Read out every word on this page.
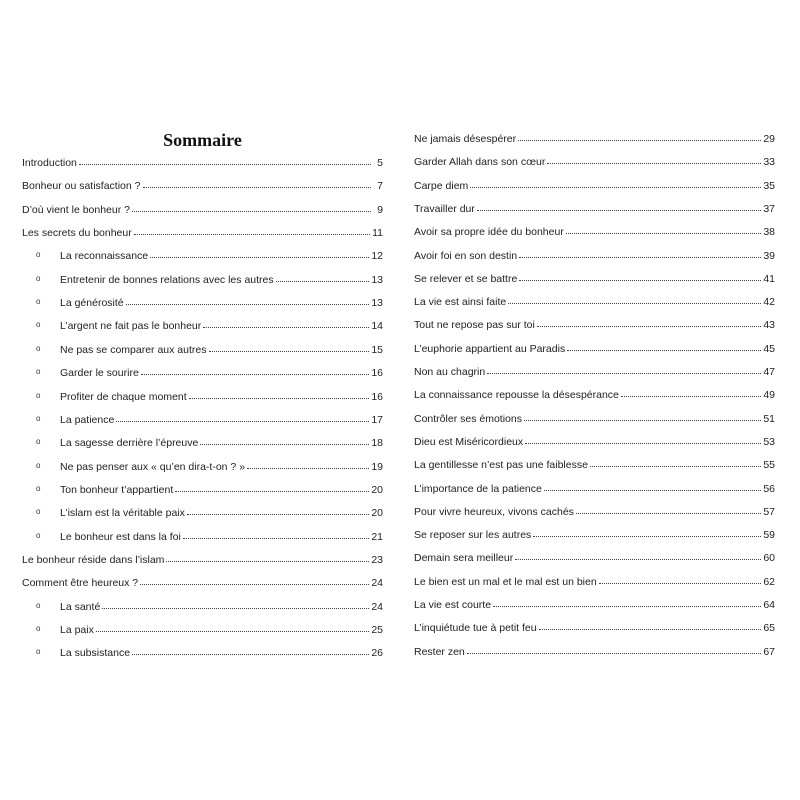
Sommaire
Introduction	5
Bonheur ou satisfaction ?	7
D’où vient le bonheur ?	9
Les secrets du bonheur	11
o La reconnaissance	12
o Entretenir de bonnes relations avec les autres	13
o La générosité	13
o L’argent ne fait pas le bonheur	14
o Ne pas se comparer aux autres	15
o Garder le sourire	16
o Profiter de chaque moment	16
o La patience	17
o La sagesse derrière l’épreuve	18
o Ne pas penser aux « qu’en dira-t-on ? »	19
o Ton bonheur t’appartient	20
o L’islam est la véritable paix	20
o Le bonheur est dans la foi	21
Le bonheur réside dans l’islam	23
Comment être heureux ?	24
o La santé	24
o La paix	25
o La subsistance	26
Ne jamais désespérer	29
Garder Allah dans son cœur	33
Carpe diem	35
Travailler dur	37
Avoir sa propre idée du bonheur	38
Avoir foi en son destin	39
Se relever et se battre	41
La vie est ainsi faite	42
Tout ne repose pas sur toi	43
L’euphorie appartient au Paradis	45
Non au chagrin	47
La connaissance repousse la désespérance	49
Contrôler ses émotions	51
Dieu est Miséricordieux	53
La gentillesse n’est pas une faiblesse	55
L’importance de la patience	56
Pour vivre heureux, vivons cachés	57
Se reposer sur les autres	59
Demain sera meilleur	60
Le bien est un mal et le mal est un bien	62
La vie est courte	64
L’inquiétude tue à petit feu	65
Rester zen	67
